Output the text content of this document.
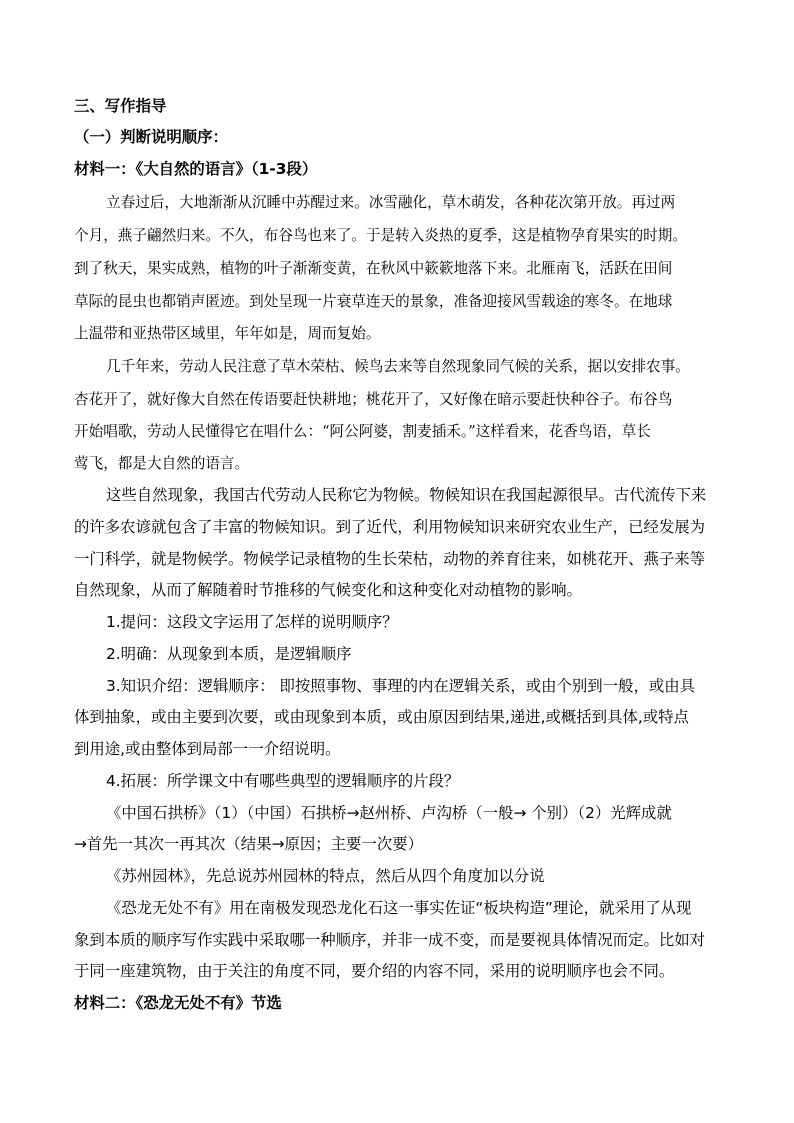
三、写作指导
（一）判断说明顺序：
材料一：《大自然的语言》（1-3段）
立春过后，大地渐渐从沉睡中苏醒过来。冰雪融化，草木萌发，各种花次第开放。再过两
个月，燕子翩然归来。不久，布谷鸟也来了。于是转入炎热的夏季，这是植物孕育果实的时期。
到了秋天，果实成熟，植物的叶子渐渐变黄，在秋风中簌簌地落下来。北雁南飞，活跃在田间
草际的昆虫也都销声匿迹。到处呈现一片衰草连天的景象，准备迎接风雪载途的寒冬。在地球
上温带和亚热带区域里，年年如是，周而复始。
几千年来，劳动人民注意了草木荣枯、候鸟去来等自然现象同气候的关系，据以安排农事。
杏花开了，就好像大自然在传语要赶快耕地；桃花开了，又好像在暗示要赶快种谷子。布谷鸟
开始唱歌，劳动人民懂得它在唱什么：“阿公阿婆，割麦插禾。”这样看来，花香鸟语，草长
莺飞，都是大自然的语言。
这些自然现象，我国古代劳动人民称它为物候。物候知识在我国起源很早。古代流传下来
的许多农谚就包含了丰富的物候知识。到了近代，利用物候知识来研究农业生产，已经发展为
一门科学，就是物候学。物候学记录植物的生长荣枯，动物的养育往来，如桃花开、燕子来等
自然现象，从而了解随着时节推移的气候变化和这种变化对动植物的影响。
1.提问：这段文字运用了怎样的说明顺序？
2.明确：从现象到本质，是逻辑顺序
3.知识介绍：逻辑顺序： 即按照事物、事理的内在逻辑关系，或由个别到一般，或由具
体到抽象，或由主要到次要，或由现象到本质，或由原因到结果,递进,或概括到具体,或特点
到用途,或由整体到局部一一介绍说明。
4.拓展：所学课文中有哪些典型的逻辑顺序的片段？
《中国石拱桥》（1）（中国）石拱桥→赵州桥、卢沟桥（一般→ 个别）（2）光辉成就
→首先一其次一再其次（结果→原因；主要一次要）
《苏州园林》，先总说苏州园林的特点，然后从四个角度加以分说
《恐龙无处不有》用在南极发现恐龙化石这一事实佐证“板块构造”理论，就采用了从现
象到本质的顺序写作实践中采取哪一种顺序，并非一成不变，而是要视具体情况而定。比如对
于同一座建筑物，由于关注的角度不同，要介绍的内容不同，采用的说明顺序也会不同。
材料二：《恐龙无处不有》节选
